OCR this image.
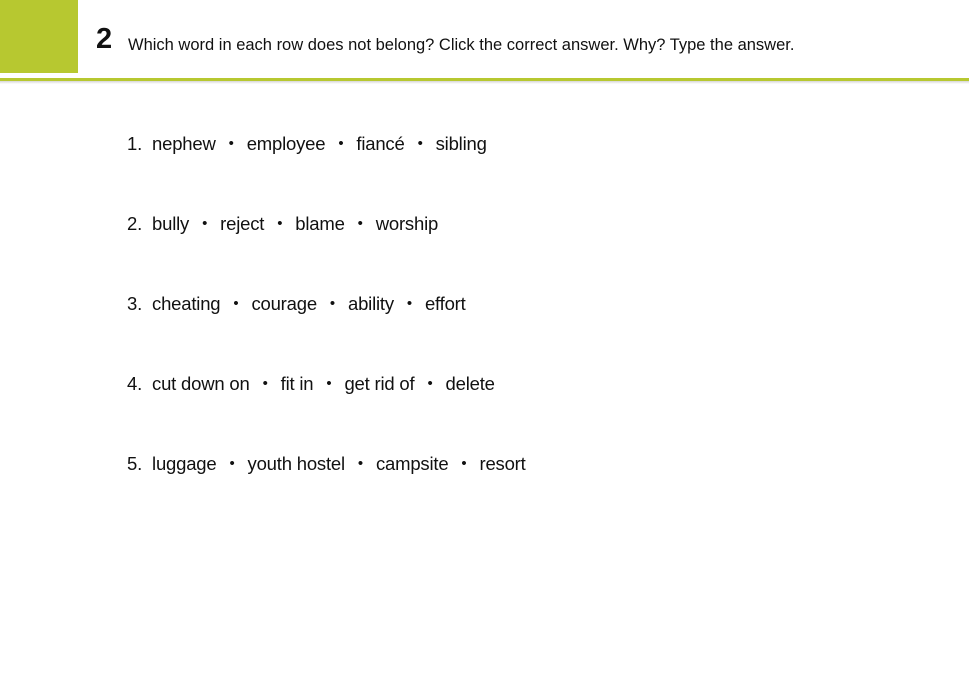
2 Which word in each row does not belong? Click the correct answer. Why? Type the answer.
1. nephew • employee • fiancé • sibling
2. bully • reject • blame • worship
3. cheating • courage • ability • effort
4. cut down on • fit in • get rid of • delete
5. luggage • youth hostel • campsite • resort
